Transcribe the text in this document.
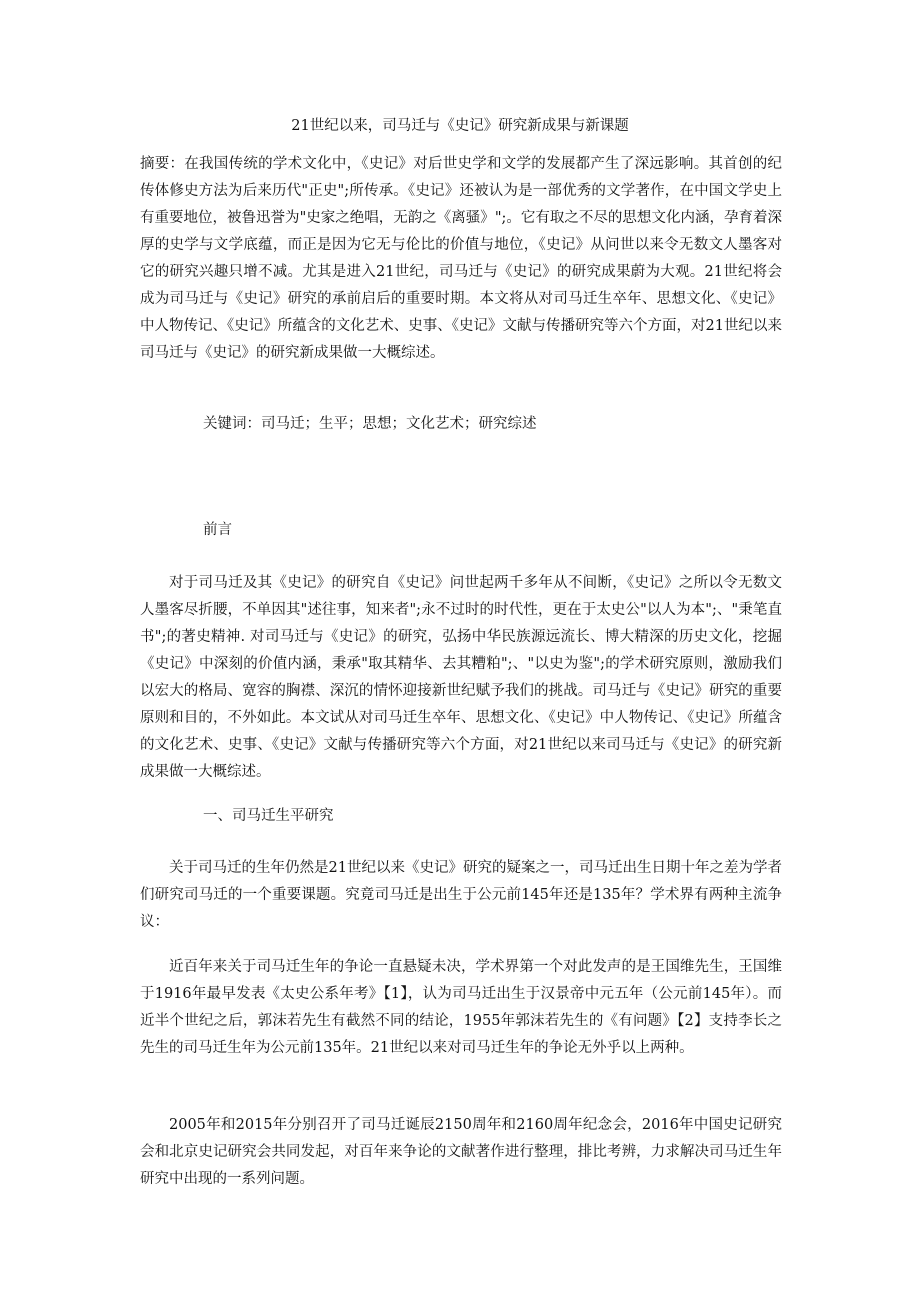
21世纪以来，司马迁与《史记》研究新成果与新课题
摘要：在我国传统的学术文化中，《史记》对后世史学和文学的发展都产生了深远影响。其首创的纪传体修史方法为后来历代"正史";所传承。《史记》还被认为是一部优秀的文学著作，在中国文学史上有重要地位，被鲁迅誉为"史家之绝唱，无韵之《离骚》";。它有取之不尽的思想文化内涵，孕育着深厚的史学与文学底蕴，而正是因为它无与伦比的价值与地位，《史记》从问世以来令无数文人墨客对它的研究兴趣只增不减。尤其是进入21世纪，司马迁与《史记》的研究成果蔚为大观。21世纪将会成为司马迁与《史记》研究的承前启后的重要时期。本文将从对司马迁生卒年、思想文化、《史记》中人物传记、《史记》所蕴含的文化艺术、史事、《史记》文献与传播研究等六个方面，对21世纪以来司马迁与《史记》的研究新成果做一大概综述。
关键词：司马迁；生平；思想；文化艺术；研究综述
前言
对于司马迁及其《史记》的研究自《史记》问世起两千多年从不间断，《史记》之所以令无数文人墨客尽折腰，不单因其"述往事，知来者";永不过时的时代性，更在于太史公"以人为本";、"秉笔直书";的著史精神. 对司马迁与《史记》的研究，弘扬中华民族源远流长、博大精深的历史文化，挖掘《史记》中深刻的价值内涵，秉承"取其精华、去其糟粕";、"以史为鉴";的学术研究原则，激励我们以宏大的格局、宽容的胸襟、深沉的情怀迎接新世纪赋予我们的挑战。司马迁与《史记》研究的重要原则和目的，不外如此。本文试从对司马迁生卒年、思想文化、《史记》中人物传记、《史记》所蕴含的文化艺术、史事、《史记》文献与传播研究等六个方面，对21世纪以来司马迁与《史记》的研究新成果做一大概综述。
一、司马迁生平研究
关于司马迁的生年仍然是21世纪以来《史记》研究的疑案之一，司马迁出生日期十年之差为学者们研究司马迁的一个重要课题。究竟司马迁是出生于公元前145年还是135年？学术界有两种主流争议：
近百年来关于司马迁生年的争论一直悬疑未决，学术界第一个对此发声的是王国维先生，王国维于1916年最早发表《太史公系年考》【1】，认为司马迁出生于汉景帝中元五年（公元前145年）。而近半个世纪之后，郭沫若先生有截然不同的结论，1955年郭沫若先生的《有问题》【2】支持李长之先生的司马迁生年为公元前135年。21世纪以来对司马迁生年的争论无外乎以上两种。
2005年和2015年分别召开了司马迁诞辰2150周年和2160周年纪念会，2016年中国史记研究会和北京史记研究会共同发起，对百年来争论的文献著作进行整理，排比考辨，力求解决司马迁生年研究中出现的一系列问题。
